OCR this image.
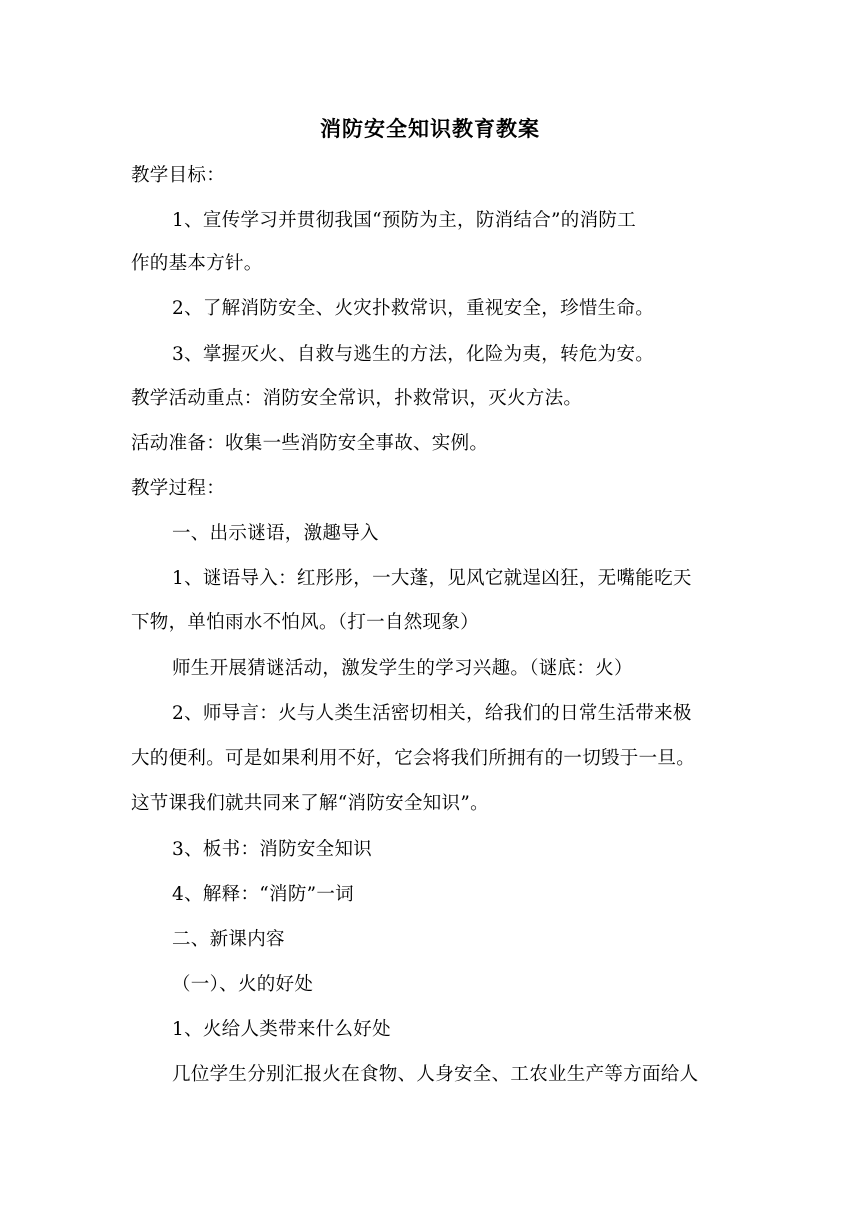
消防安全知识教育教案
教学目标：
1、宣传学习并贯彻我国“预防为主，防消结合”的消防工
作的基本方针。
2、了解消防安全、火灾扑救常识，重视安全，珍惜生命。
3、掌握灭火、自救与逃生的方法，化险为夷，转危为安。
教学活动重点：消防安全常识，扑救常识，灭火方法。
活动准备：收集一些消防安全事故、实例。
教学过程：
一、出示谜语，激趣导入
1、谜语导入：红彤彤，一大蓬，见风它就逞凶狂，无嘴能吃天
下物，单怕雨水不怕风。（打一自然现象）
师生开展猜谜活动，激发学生的学习兴趣。（谜底：火）
2、师导言：火与人类生活密切相关，给我们的日常生活带来极
大的便利。可是如果利用不好，它会将我们所拥有的一切毁于一旦。
这节课我们就共同来了解“消防安全知识”。
3、板书：消防安全知识
4、解释：“消防”一词
二、新课内容
（一）、火的好处
1、火给人类带来什么好处
几位学生分别汇报火在食物、人身安全、工农业生产等方面给人
